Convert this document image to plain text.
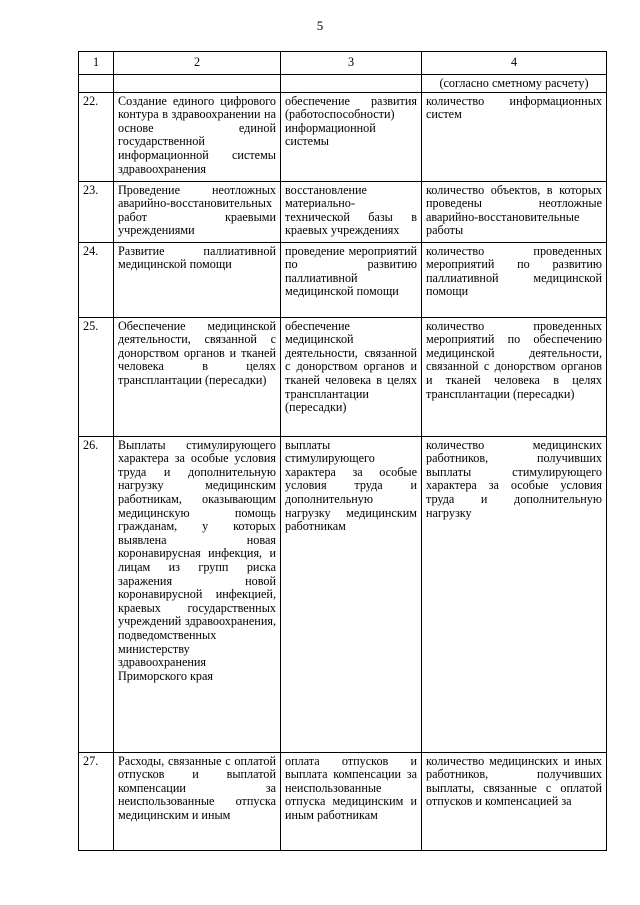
5
1	2	3	4
			(согласно сметному расчету)
22.	Создание единого цифрового контура в здравоохранении на основе единой государственной информационной системы здравоохранения	обеспечение развития (работоспособности) информационной системы	количество информационных систем
23.	Проведение неотложных аварийно-восстановительных работ краевыми учреждениями	восстановление материально-технической базы в краевых учреждениях	количество объектов, в которых проведены неотложные аварийно-восстановительные работы
24.	Развитие паллиативной медицинской помощи	проведение мероприятий по развитию паллиативной медицинской помощи	количество проведенных мероприятий по развитию паллиативной медицинской помощи
25.	Обеспечение медицинской деятельности, связанной с донорством органов и тканей человека в целях трансплантации (пересадки)	обеспечение медицинской деятельности, связанной с донорством органов и тканей человека в целях трансплантации (пересадки)	количество проведенных мероприятий по обеспечению медицинской деятельности, связанной с донорством органов и тканей человека в целях трансплантации (пересадки)
26.	Выплаты стимулирующего характера за особые условия труда и дополнительную нагрузку медицинским работникам, оказывающим медицинскую помощь гражданам, у которых выявлена новая коронавирусная инфекция, и лицам из групп риска заражения новой коронавирусной инфекцией, краевых государственных учреждений здравоохранения, подведомственных министерству здравоохранения Приморского края	выплаты стимулирующего характера за особые условия труда и дополнительную нагрузку медицинским работникам	количество медицинских работников, получивших выплаты стимулирующего характера за особые условия труда и дополнительную нагрузку
27.	Расходы, связанные с оплатой отпусков и выплатой компенсации за неиспользованные отпуска медицинским и иным	оплата отпусков и выплата компенсации за неиспользованные отпуска медицинским и иным работникам	количество медицинских и иных работников, получивших выплаты, связанные с оплатой отпусков и компенсацией за
